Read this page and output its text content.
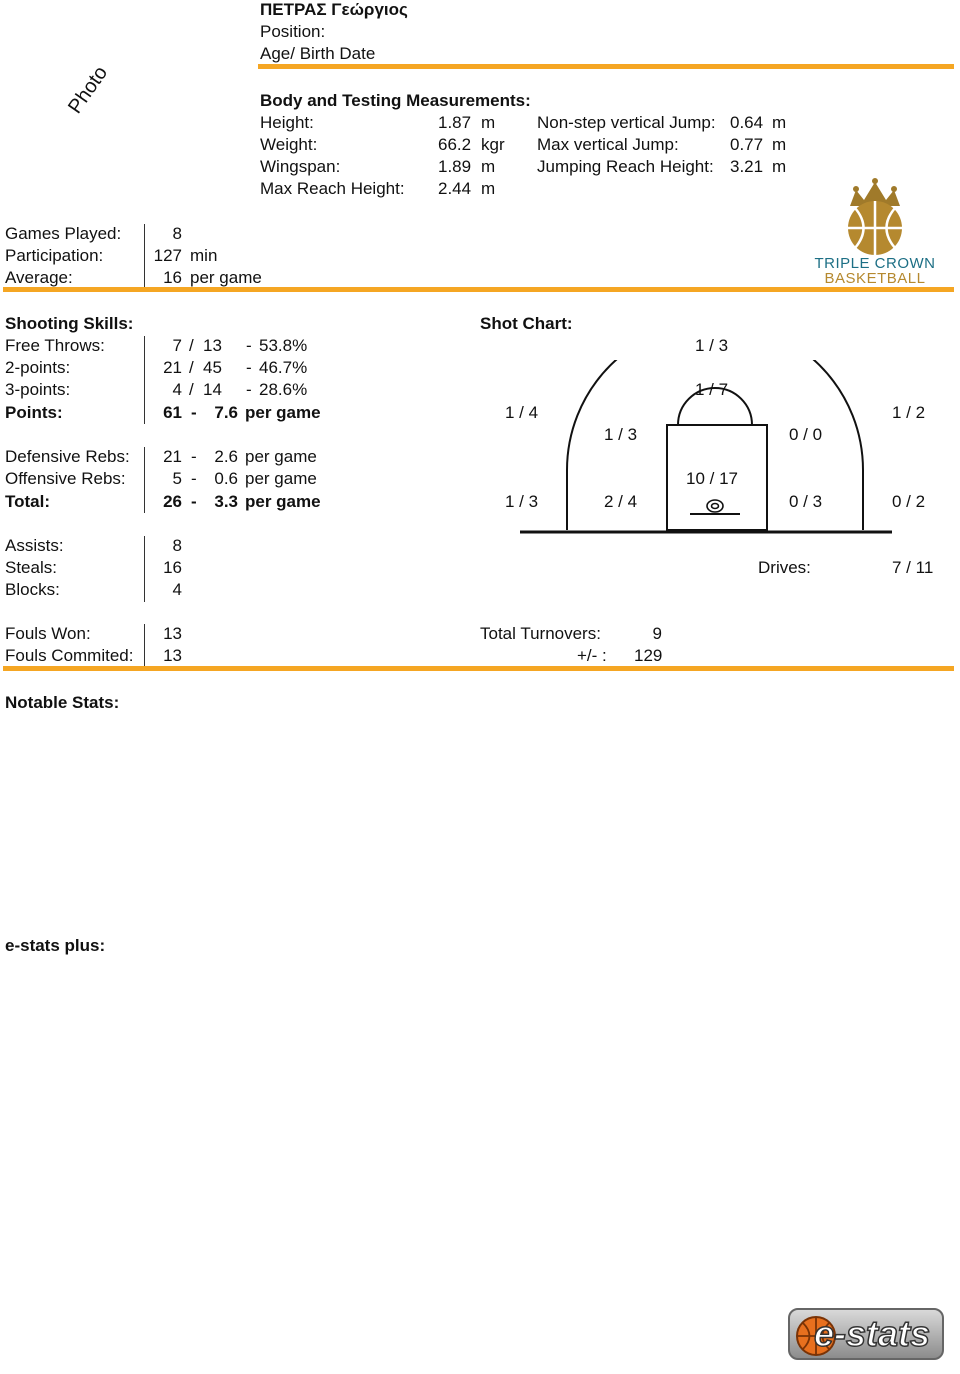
Photo
ΠΕΤΡΑΣ Γεώργιος
Position:
Age/ Birth Date
Body and Testing Measurements:
Height:	1.87 m
Weight:	66.2 kgr
Wingspan:	1.89 m
Max Reach Height: 2.44 m
Non-step vertical Jump: 0.64 m
Max vertical Jump:	0.77 m
Jumping Reach Height: 3.21 m
TRIPLE CROWN
BASKETBALL
Games Played:	8
Participation:	127 min
Average:	16 per game
Shooting Skills:
Free Throws:	7 / 13 - 53.8%
2-points:	21 / 45 - 46.7%
3-points:	4 / 14 - 28.6%
Points:	61 -	7.6 per game
Defensive Rebs:	21 -	2.6 per game
Offensive Rebs:	5 -	0.6 per game
Total:	26 -	3.3 per game
Shot Chart:
1 / 3
1 / 7
1 / 4	1 / 2
1 / 3	0 / 0
10 / 17
1 / 3	2 / 4	0 / 3	0 / 2
Assists:	8
Steals:	16
Blocks:	4
Drives:	7 / 11
Fouls Won:	13
Fouls Commited:	13
Total Turnovers:	9
+/- : 129
Notable Stats:
e-stats plus:
e-stats
